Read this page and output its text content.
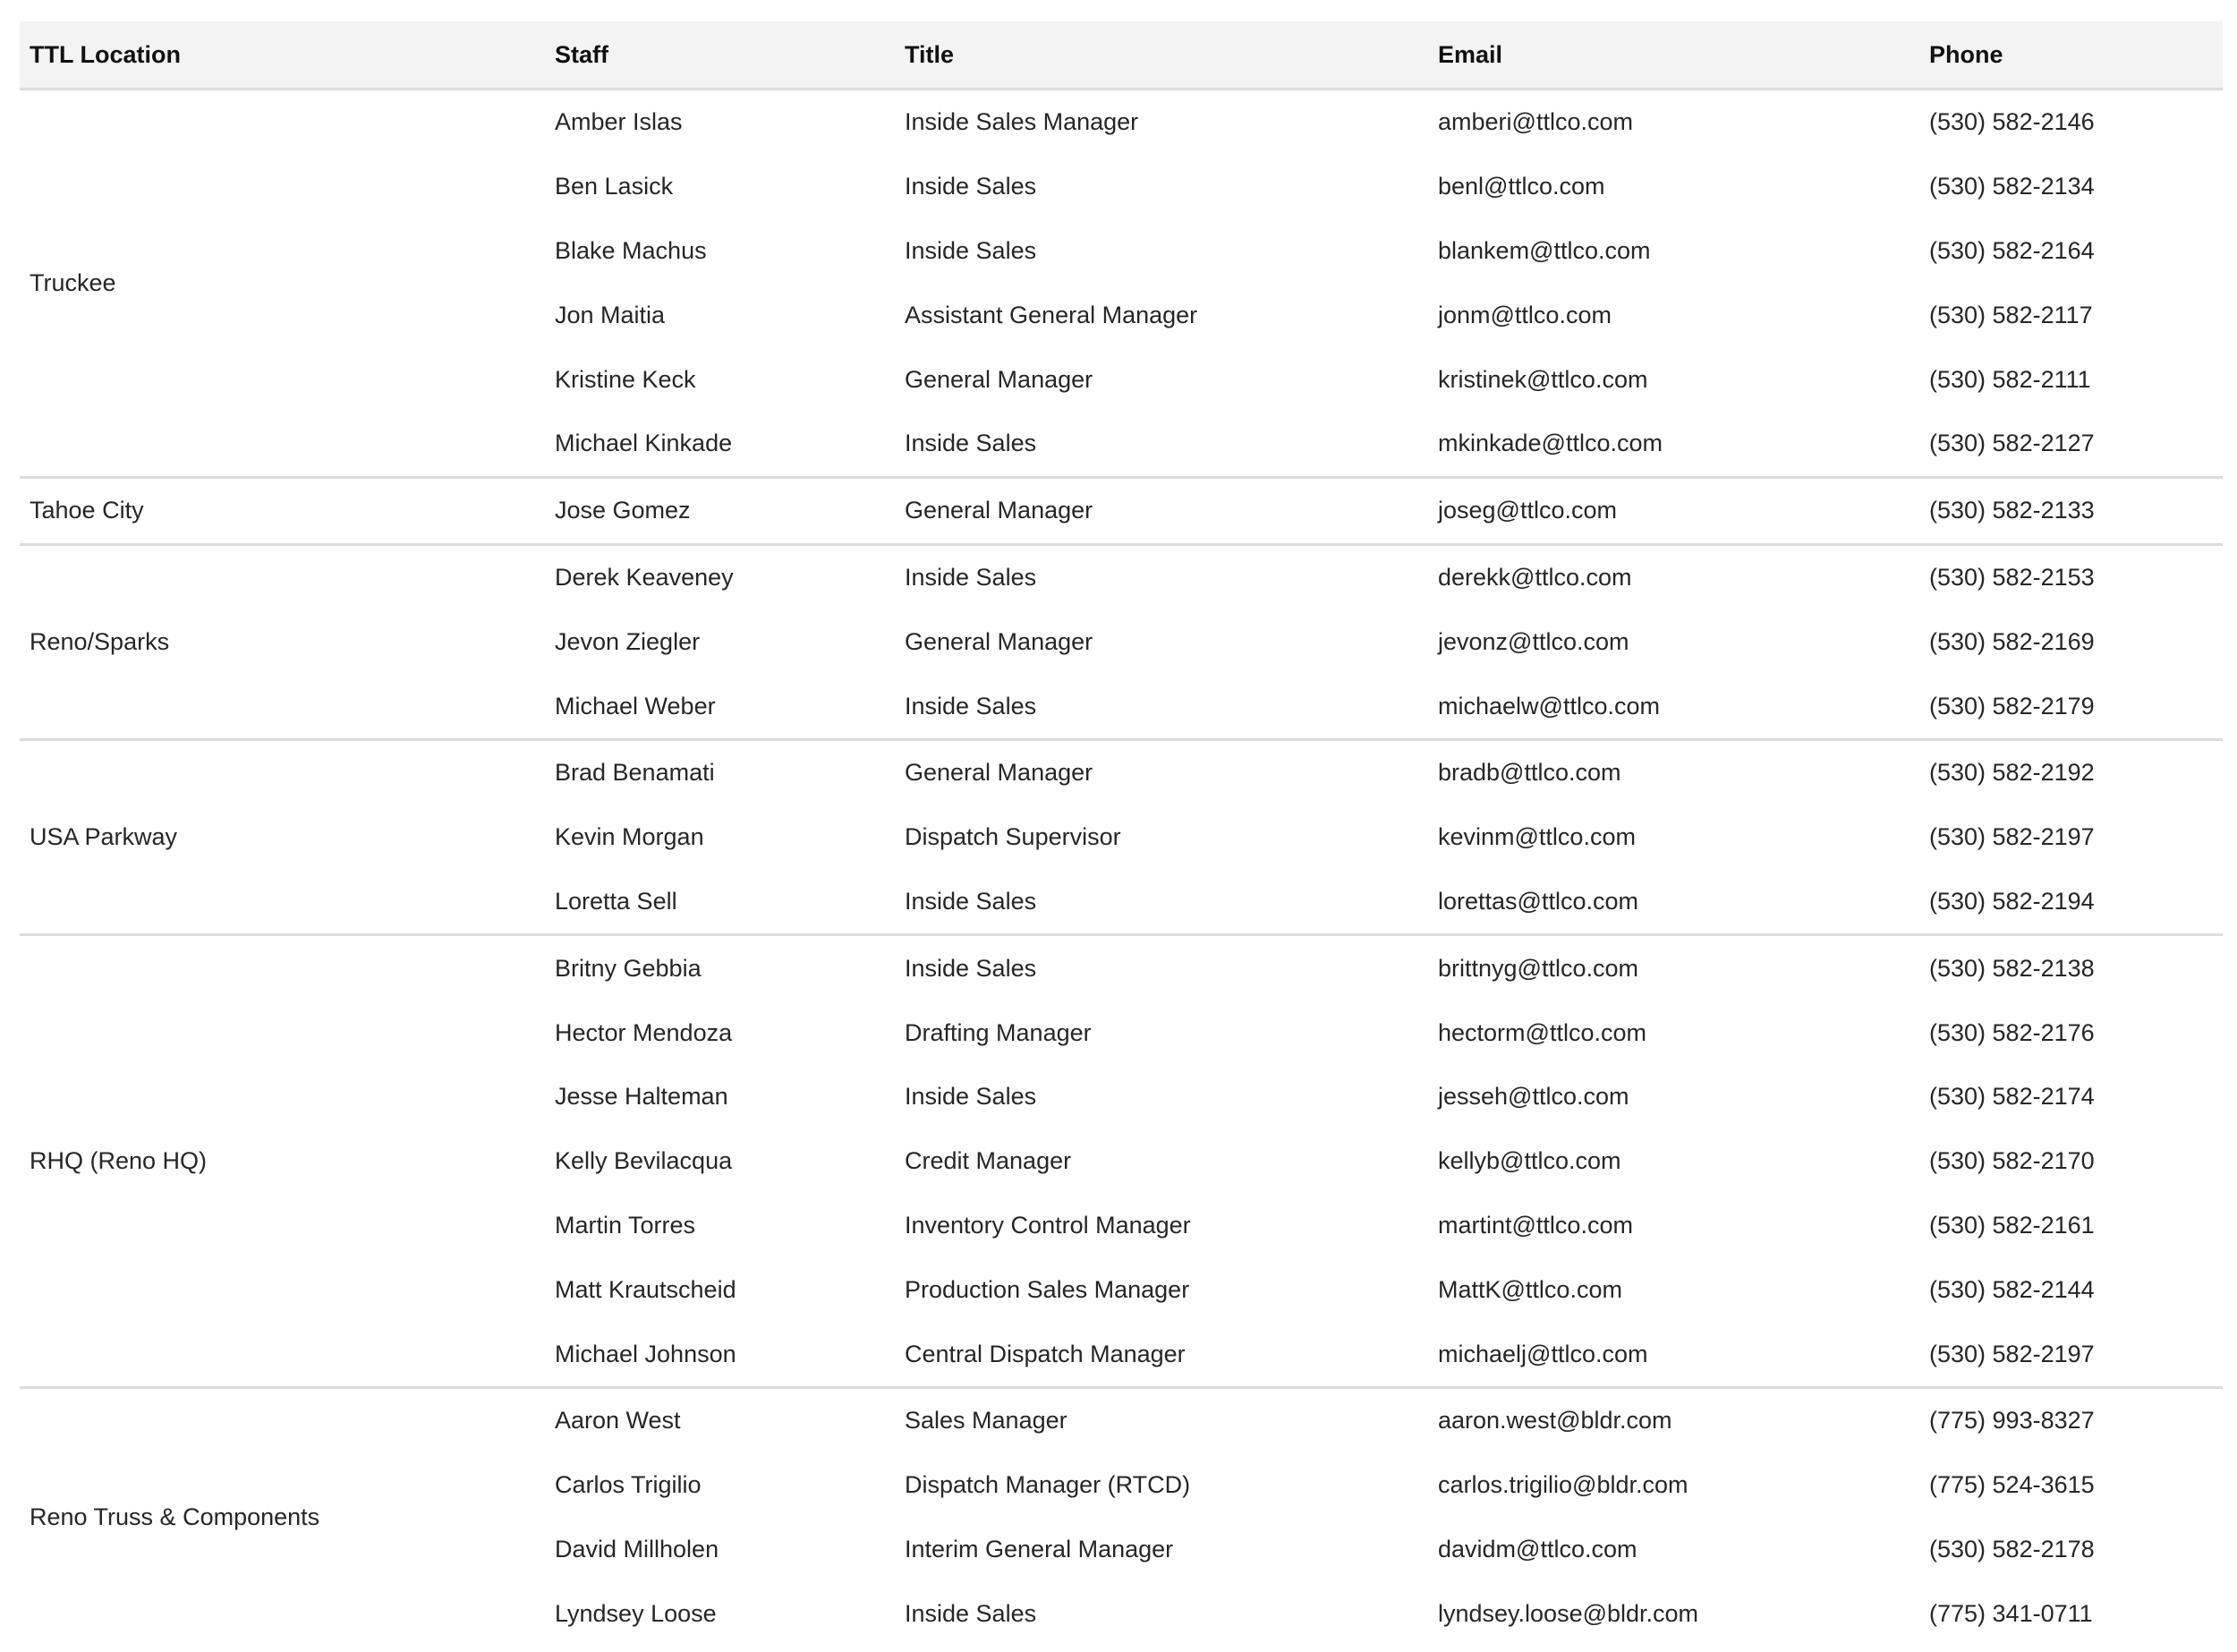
TTL Location	Staff	Title	Email	Phone
Truckee	Amber Islas	Inside Sales Manager	amberi@ttlco.com	(530) 582-2146
	Ben Lasick	Inside Sales	benl@ttlco.com	(530) 582-2134
	Blake Machus	Inside Sales	blankem@ttlco.com	(530) 582-2164
	Jon Maitia	Assistant General Manager	jonm@ttlco.com	(530) 582-2117
	Kristine Keck	General Manager	kristinek@ttlco.com	(530) 582-2111
	Michael Kinkade	Inside Sales	mkinkade@ttlco.com	(530) 582-2127
Tahoe City	Jose Gomez	General Manager	joseg@ttlco.com	(530) 582-2133
Reno/Sparks	Derek Keaveney	Inside Sales	derekk@ttlco.com	(530) 582-2153
	Jevon Ziegler	General Manager	jevonz@ttlco.com	(530) 582-2169
	Michael Weber	Inside Sales	michaelw@ttlco.com	(530) 582-2179
USA Parkway	Brad Benamati	General Manager	bradb@ttlco.com	(530) 582-2192
	Kevin Morgan	Dispatch Supervisor	kevinm@ttlco.com	(530) 582-2197
	Loretta Sell	Inside Sales	lorettas@ttlco.com	(530) 582-2194
RHQ (Reno HQ)	Britny Gebbia	Inside Sales	brittnyg@ttlco.com	(530) 582-2138
	Hector Mendoza	Drafting Manager	hectorm@ttlco.com	(530) 582-2176
	Jesse Halteman	Inside Sales	jesseh@ttlco.com	(530) 582-2174
	Kelly Bevilacqua	Credit Manager	kellyb@ttlco.com	(530) 582-2170
	Martin Torres	Inventory Control Manager	martint@ttlco.com	(530) 582-2161
	Matt Krautscheid	Production Sales Manager	MattK@ttlco.com	(530) 582-2144
	Michael Johnson	Central Dispatch Manager	michaelj@ttlco.com	(530) 582-2197
Reno Truss & Components	Aaron West	Sales Manager	aaron.west@bldr.com	(775) 993-8327
	Carlos Trigilio	Dispatch Manager (RTCD)	carlos.trigilio@bldr.com	(775) 524-3615
	David Millholen	Interim General Manager	davidm@ttlco.com	(530) 582-2178
	Lyndsey Loose	Inside Sales	lyndsey.loose@bldr.com	(775) 341-0711
